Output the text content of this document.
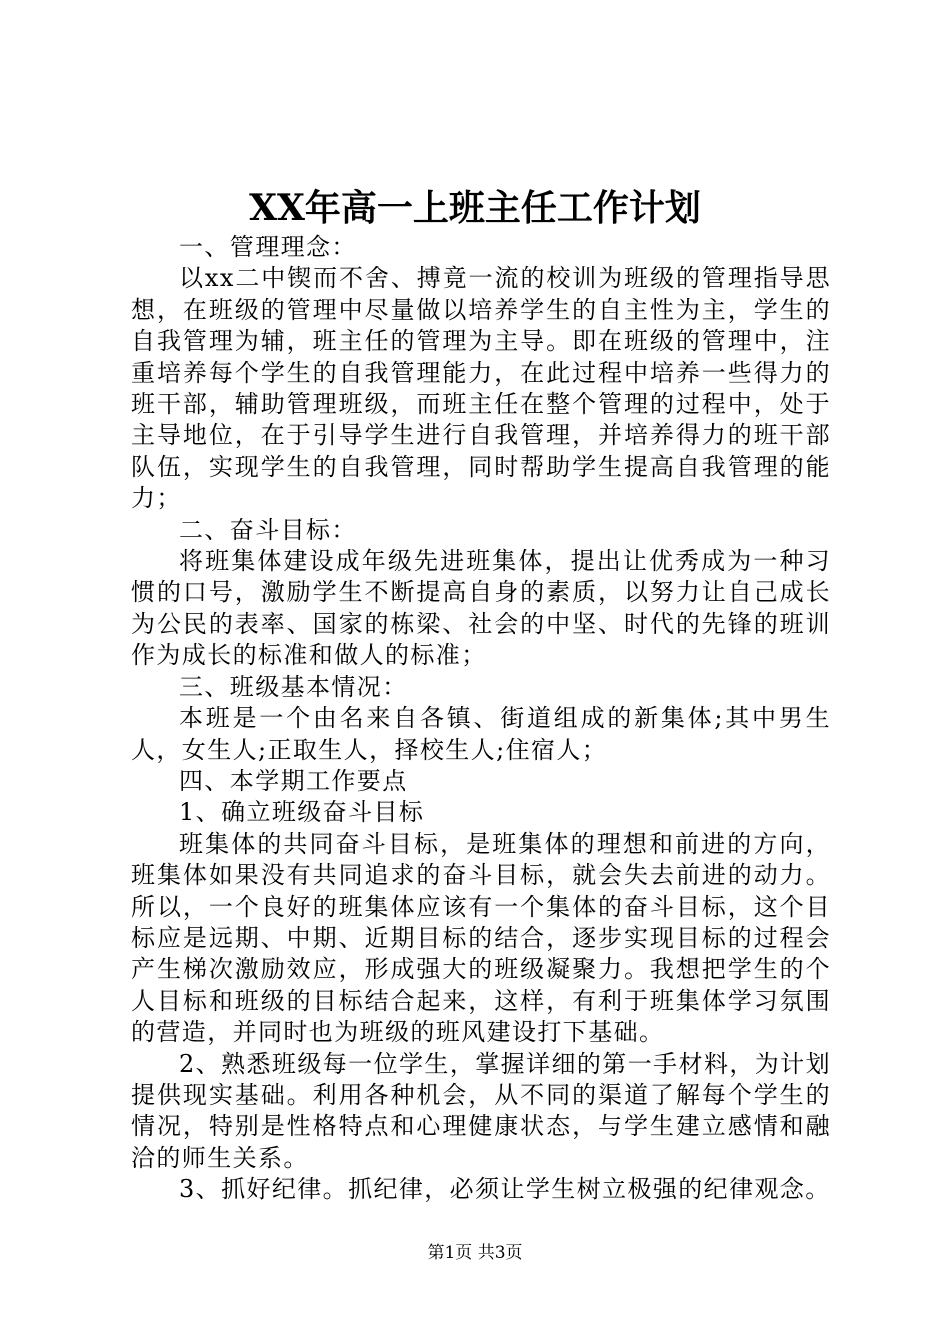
XX年高一上班主任工作计划

一、管理理念：

以xx二中锲而不舍、搏竟一流的校训为班级的管理指导思想，在班级的管理中尽量做以培养学生的自主性为主，学生的自我管理为辅，班主任的管理为主导。即在班级的管理中，注重培养每个学生的自我管理能力，在此过程中培养一些得力的班干部，辅助管理班级，而班主任在整个管理的过程中，处于主导地位，在于引导学生进行自我管理，并培养得力的班干部队伍，实现学生的自我管理，同时帮助学生提高自我管理的能力；

二、奋斗目标：

将班集体建设成年级先进班集体，提出让优秀成为一种习惯的口号，激励学生不断提高自身的素质，以努力让自己成长为公民的表率、国家的栋梁、社会的中坚、时代的先锋的班训作为成长的标准和做人的标准；

三、班级基本情况：

本班是一个由名来自各镇、街道组成的新集体;其中男生人，女生人;正取生人，择校生人;住宿人；

四、本学期工作要点

1、确立班级奋斗目标

班集体的共同奋斗目标，是班集体的理想和前进的方向，班集体如果没有共同追求的奋斗目标，就会失去前进的动力。所以，一个良好的班集体应该有一个集体的奋斗目标，这个目标应是远期、中期、近期目标的结合，逐步实现目标的过程会产生梯次激励效应，形成强大的班级凝聚力。我想把学生的个人目标和班级的目标结合起来，这样，有利于班集体学习氛围的营造，并同时也为班级的班风建设打下基础。

2、熟悉班级每一位学生，掌握详细的第一手材料，为计划提供现实基础。利用各种机会，从不同的渠道了解每个学生的情况，特别是性格特点和心理健康状态，与学生建立感情和融洽的师生关系。

3、抓好纪律。抓纪律，必须让学生树立极强的纪律观念。

第1页 共3页
